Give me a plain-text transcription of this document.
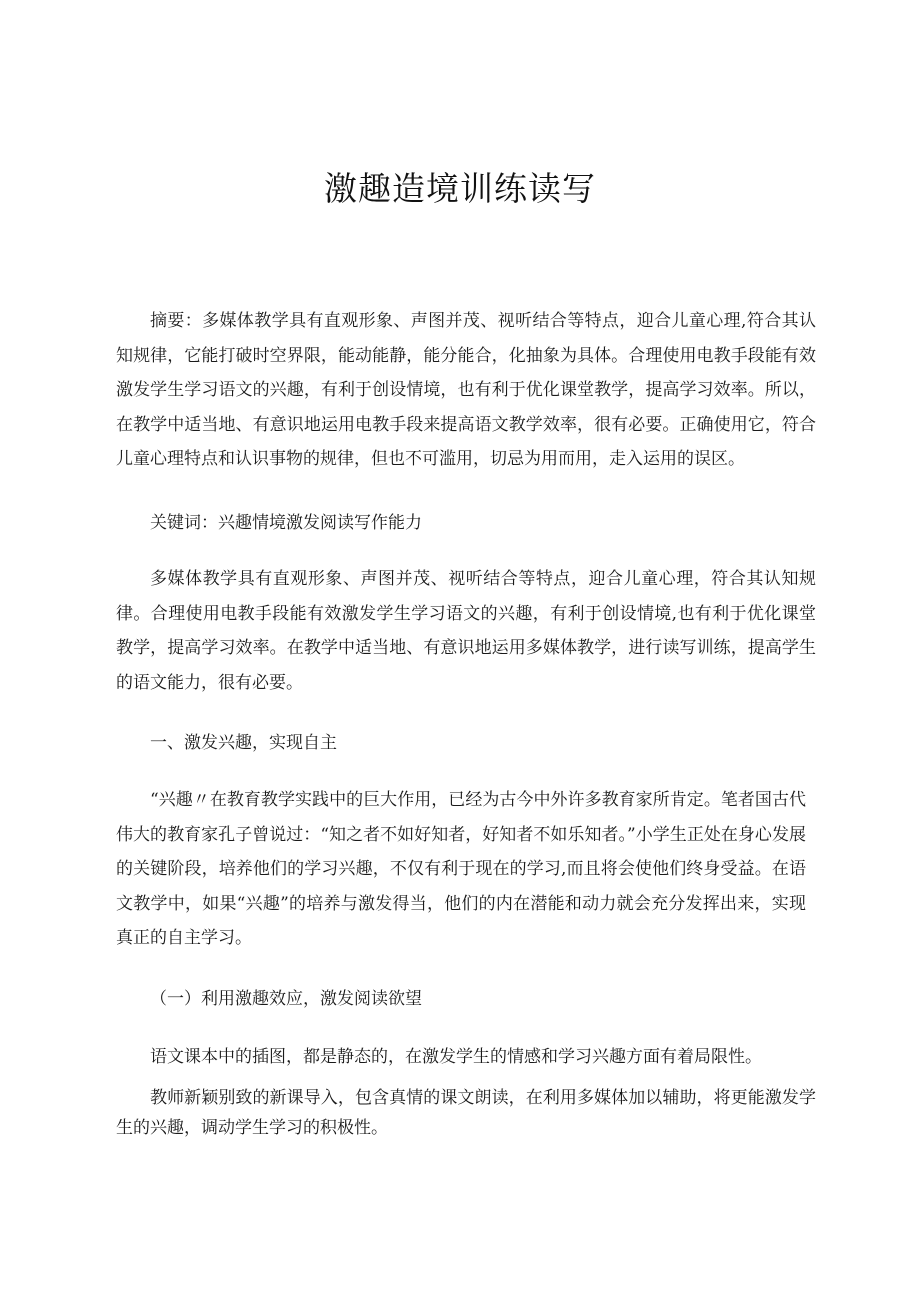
激趣造境训练读写

摘要：多媒体教学具有直观形象、声图并茂、视听结合等特点，迎合儿童心理,符合其认知规律，它能打破时空界限，能动能静，能分能合，化抽象为具体。合理使用电教手段能有效激发学生学习语文的兴趣，有利于创设情境，也有利于优化课堂教学，提高学习效率。所以，在教学中适当地、有意识地运用电教手段来提高语文教学效率，很有必要。正确使用它，符合儿童心理特点和认识事物的规律，但也不可滥用，切忌为用而用，走入运用的误区。

关键词：兴趣情境激发阅读写作能力

多媒体教学具有直观形象、声图并茂、视听结合等特点，迎合儿童心理，符合其认知规律。合理使用电教手段能有效激发学生学习语文的兴趣，有利于创设情境,也有利于优化课堂教学，提高学习效率。在教学中适当地、有意识地运用多媒体教学，进行读写训练，提高学生的语文能力，很有必要。

一、激发兴趣，实现自主

“兴趣〃在教育教学实践中的巨大作用，已经为古今中外许多教育家所肯定。笔者国古代伟大的教育家孔子曾说过：“知之者不如好知者，好知者不如乐知者。”小学生正处在身心发展的关键阶段，培养他们的学习兴趣，不仅有利于现在的学习,而且将会使他们终身受益。在语文教学中，如果“兴趣”的培养与激发得当，他们的内在潜能和动力就会充分发挥出来，实现真正的自主学习。

（一）利用激趣效应，激发阅读欲望

语文课本中的插图，都是静态的，在激发学生的情感和学习兴趣方面有着局限性。

教师新颖别致的新课导入，包含真情的课文朗读，在利用多媒体加以辅助，将更能激发学生的兴趣，调动学生学习的积极性。
